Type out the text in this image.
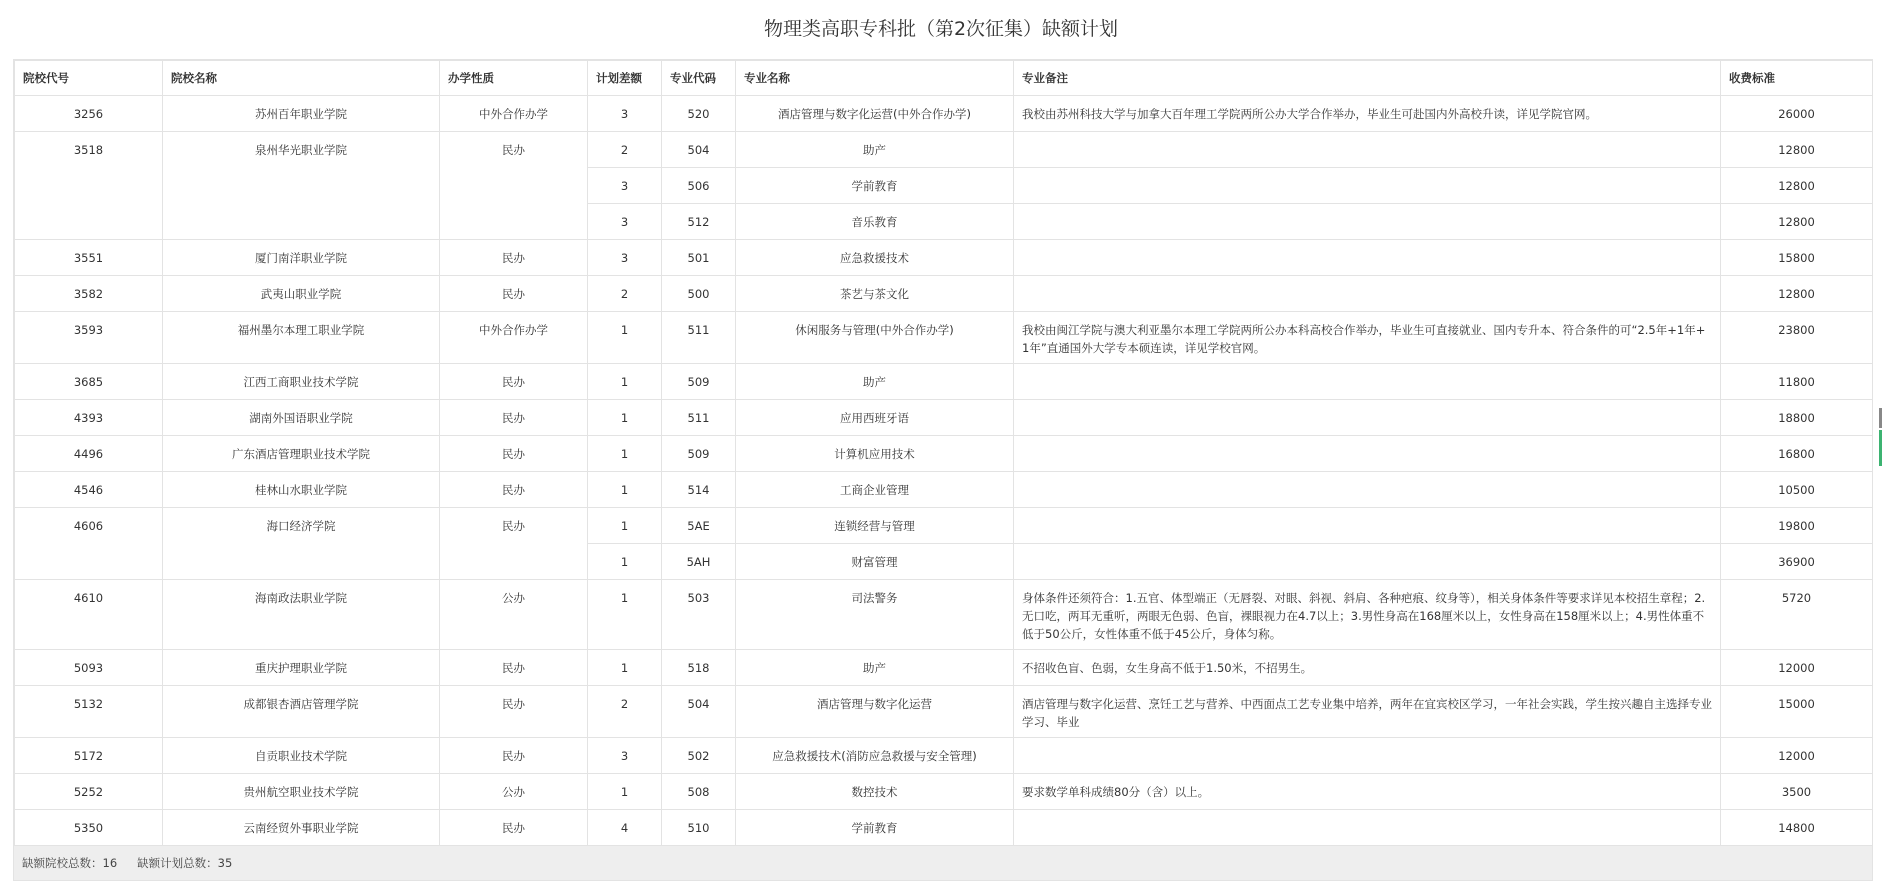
物理类高职专科批（第2次征集）缺额计划
院校代号	院校名称	办学性质	计划差额	专业代码	专业名称	专业备注	收费标准
3256	苏州百年职业学院	中外合作办学	3	520	酒店管理与数字化运营(中外合作办学)	我校由苏州科技大学与加拿大百年理工学院两所公办大学合作举办，毕业生可赴国内外高校升读，详见学院官网。	26000
3518	泉州华光职业学院	民办	2	504	助产		12800
			3	506	学前教育		12800
			3	512	音乐教育		12800
3551	厦门南洋职业学院	民办	3	501	应急救援技术		15800
3582	武夷山职业学院	民办	2	500	茶艺与茶文化		12800
3593	福州墨尔本理工职业学院	中外合作办学	1	511	休闲服务与管理(中外合作办学)	我校由闽江学院与澳大利亚墨尔本理工学院两所公办本科高校合作举办，毕业生可直接就业、国内专升本、符合条件的可“2.5年+1年+1年”直通国外大学专本硕连读，详见学校官网。	23800
3685	江西工商职业技术学院	民办	1	509	助产		11800
4393	湖南外国语职业学院	民办	1	511	应用西班牙语		18800
4496	广东酒店管理职业技术学院	民办	1	509	计算机应用技术		16800
4546	桂林山水职业学院	民办	1	514	工商企业管理		10500
4606	海口经济学院	民办	1	5AE	连锁经营与管理		19800
			1	5AH	财富管理		36900
4610	海南政法职业学院	公办	1	503	司法警务	身体条件还须符合：1.五官、体型端正（无唇裂、对眼、斜视、斜肩、各种疤痕、纹身等），相关身体条件等要求详见本校招生章程；2.无口吃，两耳无重听，两眼无色弱、色盲，裸眼视力在4.7以上；3.男性身高在168厘米以上，女性身高在158厘米以上；4.男性体重不低于50公斤，女性体重不低于45公斤，身体匀称。	5720
5093	重庆护理职业学院	民办	1	518	助产	不招收色盲、色弱，女生身高不低于1.50米，不招男生。	12000
5132	成都银杏酒店管理学院	民办	2	504	酒店管理与数字化运营	酒店管理与数字化运营、烹饪工艺与营养、中西面点工艺专业集中培养，两年在宜宾校区学习，一年社会实践，学生按兴趣自主选择专业学习、毕业	15000
5172	自贡职业技术学院	民办	3	502	应急救援技术(消防应急救援与安全管理)		12000
5252	贵州航空职业技术学院	公办	1	508	数控技术	要求数学单科成绩80分（含）以上。	3500
5350	云南经贸外事职业学院	民办	4	510	学前教育		14800
缺额院校总数：16 缺额计划总数：35
